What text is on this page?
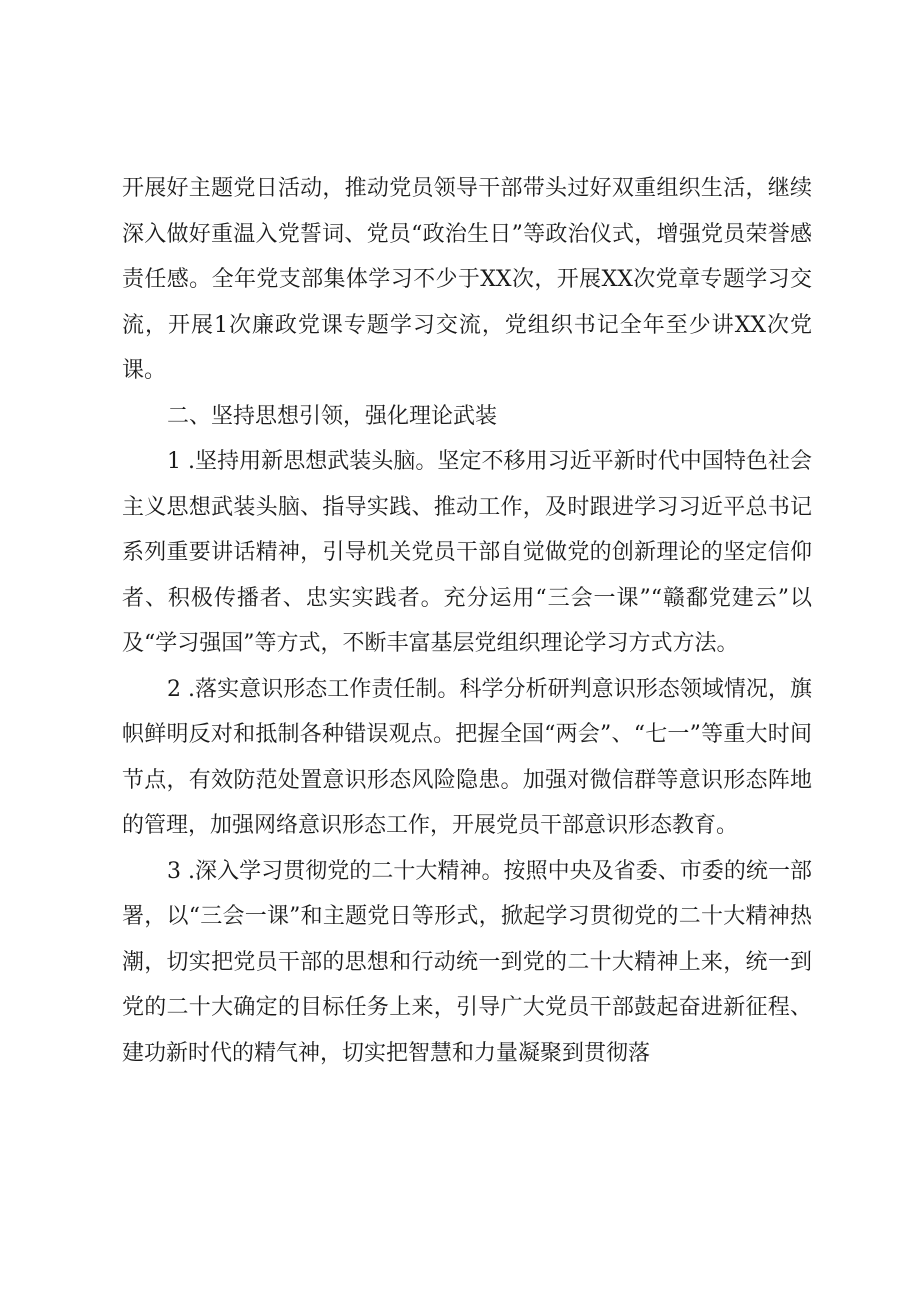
开展好主题党日活动，推动党员领导干部带头过好双重组织生活，继续深入做好重温入党誓词、党员“政治生日”等政治仪式，增强党员荣誉感责任感。全年党支部集体学习不少于XX次，开展XX次党章专题学习交流，开展1次廉政党课专题学习交流，党组织书记全年至少讲XX次党课。

二、坚持思想引领，强化理论武装

1 .坚持用新思想武装头脑。坚定不移用习近平新时代中国特色社会主义思想武装头脑、指导实践、推动工作，及时跟进学习习近平总书记系列重要讲话精神，引导机关党员干部自觉做党的创新理论的坚定信仰者、积极传播者、忠实实践者。充分运用“三会一课”“赣鄱党建云”以及“学习强国”等方式，不断丰富基层党组织理论学习方式方法。

2 .落实意识形态工作责任制。科学分析研判意识形态领域情况，旗帜鲜明反对和抵制各种错误观点。把握全国“两会”、“七一”等重大时间节点，有效防范处置意识形态风险隐患。加强对微信群等意识形态阵地的管理，加强网络意识形态工作，开展党员干部意识形态教育。

3 .深入学习贯彻党的二十大精神。按照中央及省委、市委的统一部署，以“三会一课”和主题党日等形式，掀起学习贯彻党的二十大精神热潮，切实把党员干部的思想和行动统一到党的二十大精神上来，统一到党的二十大确定的目标任务上来，引导广大党员干部鼓起奋进新征程、建功新时代的精气神，切实把智慧和力量凝聚到贯彻落
